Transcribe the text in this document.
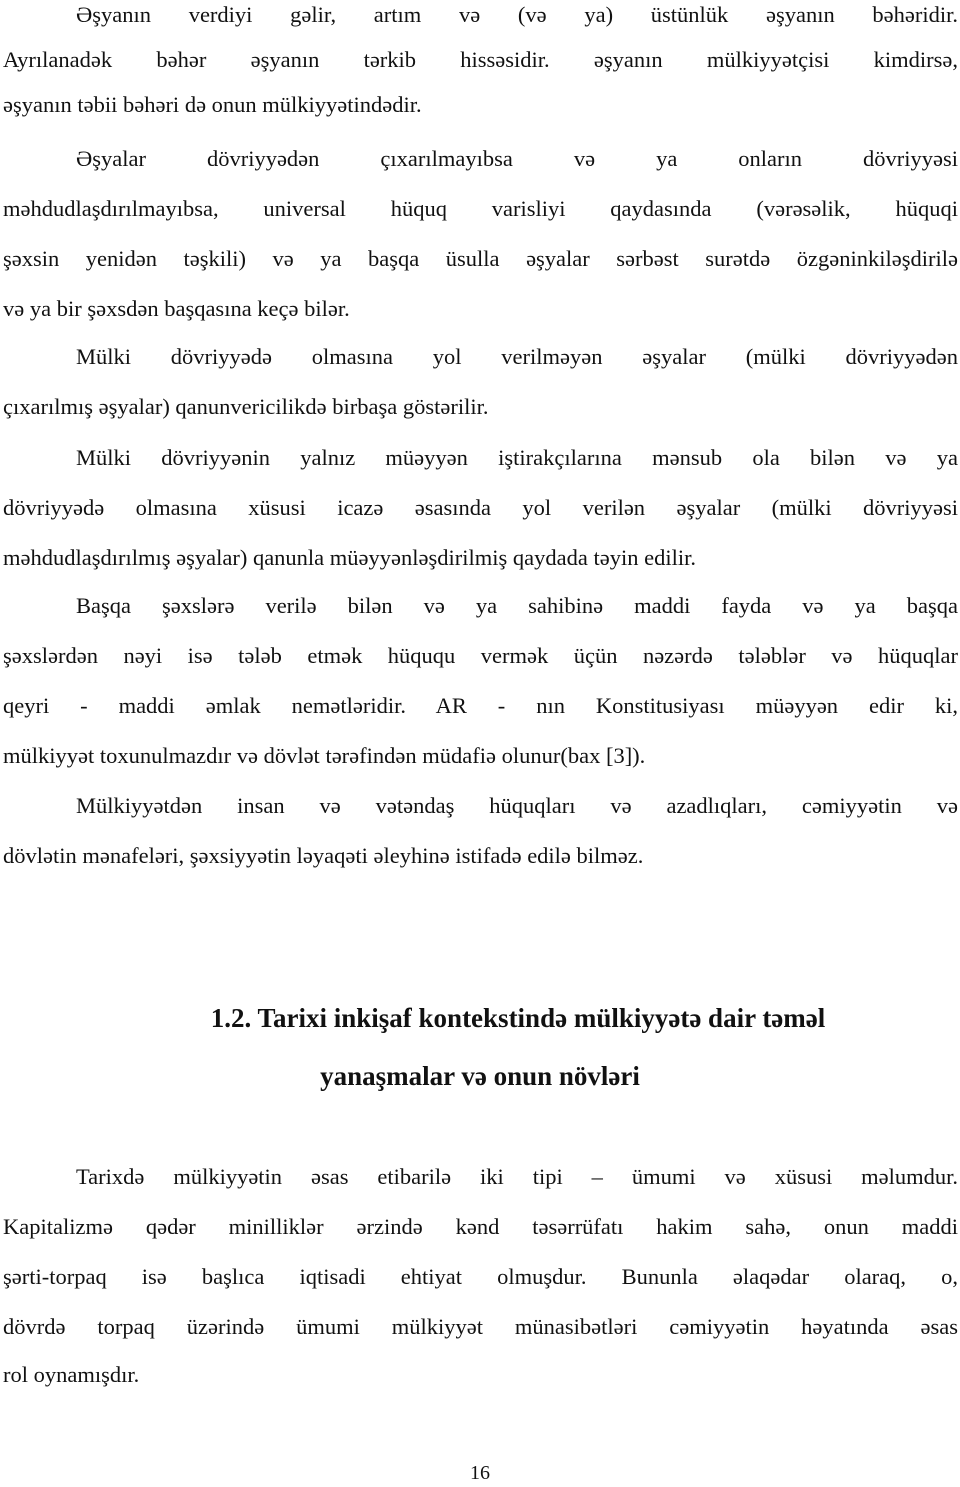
Əşyanın verdiyi gəlir, artım və (və ya) üstünlük əşyanın bəhəridir.
Ayrılanadək bəhər əşyanın tərkib hissəsidir. əşyanın mülkiyyətçisi kimdirsə,
əşyanın təbii bəhəri də onun mülkiyyətindədir.
Əşyalar dövriyyədən çıxarılmayıbsa və ya onların dövriyyəsi
məhdudlaşdırılmayıbsa, universal hüquq varisliyi qaydasında (vərəsəlik, hüquqi
şəxsin yenidən təşkili) və ya başqa üsulla əşyalar sərbəst surətdə özgəninkiləşdirilə
və ya bir şəxsdən başqasına keçə bilər.
Mülki dövriyyədə olmasına yol verilməyən əşyalar (mülki dövriyyədən
çıxarılmış əşyalar) qanunvericilikdə birbaşa göstərilir.
Mülki dövriyyənin yalnız müəyyən iştirakçılarına mənsub ola bilən və ya
dövriyyədə olmasına xüsusi icazə əsasında yol verilən əşyalar (mülki dövriyyəsi
məhdudlaşdırılmış əşyalar) qanunla müəyyənləşdirilmiş qaydada təyin edilir.
Başqa şəxslərə verilə bilən və ya sahibinə maddi fayda və ya başqa
şəxslərdən nəyi isə tələb etmək hüququ vermək üçün nəzərdə tələblər və hüquqlar
qeyri - maddi əmlak nemətləridir. AR - nın Konstitusiyası müəyyən edir ki,
mülkiyyət toxunulmazdır və dövlət tərəfindən müdafiə olunur(bax [3]).
Mülkiyyətdən insan və vətəndaş hüquqları və azadlıqları, cəmiyyətin və
dövlətin mənafeləri, şəxsiyyətin ləyaqəti əleyhinə istifadə edilə bilməz.
1.2. Tarixi inkişaf kontekstində mülkiyyətə dair təməl
yanaşmalar və onun növləri
Tarixdə mülkiyyətin əsas etibarilə iki tipi – ümumi və xüsusi məlumdur.
Kapitalizmə qədər minilliklər ərzində kənd təsərrüfatı hakim sahə, onun maddi
şərti-torpaq isə başlıca iqtisadi ehtiyat olmuşdur. Bununla əlaqədar olaraq, o,
dövrdə torpaq üzərində ümumi mülkiyyət münasibətləri cəmiyyətin həyatında əsas
rol oynamışdır.
16
